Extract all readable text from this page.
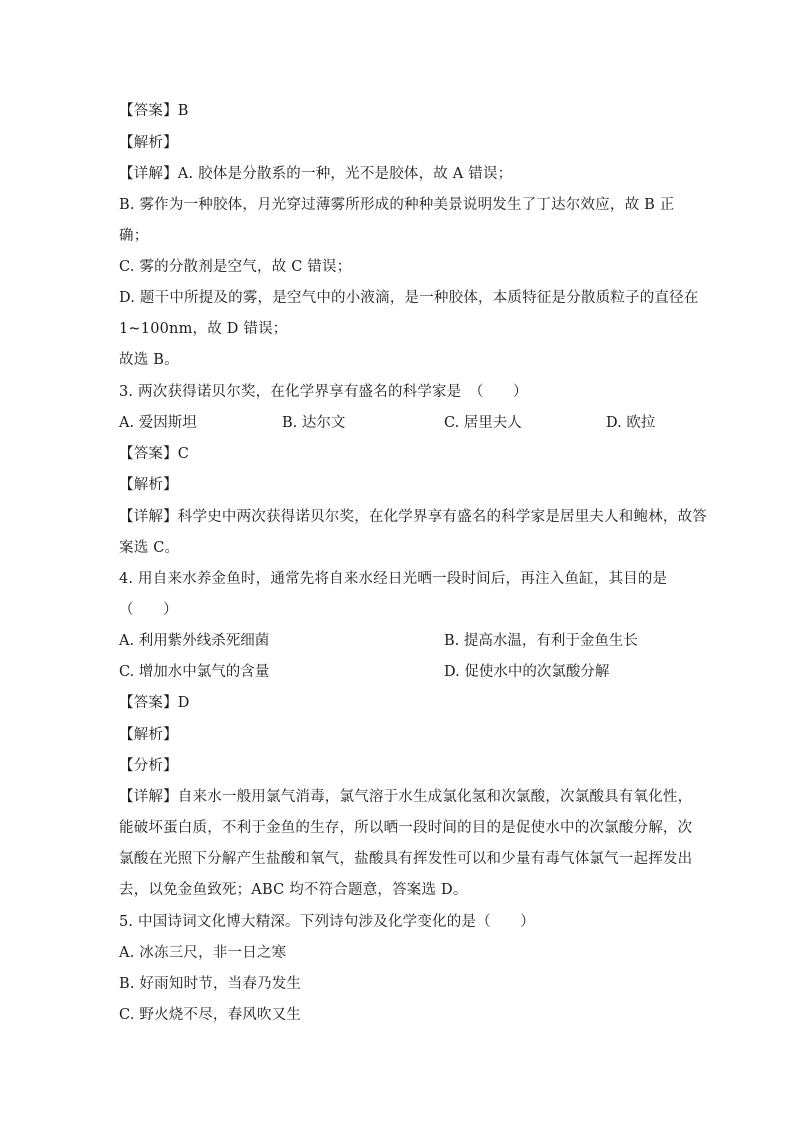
【答案】B
【解析】
【详解】A. 胶体是分散系的一种，光不是胶体，故 A 错误；
B. 雾作为一种胶体，月光穿过薄雾所形成的种种美景说明发生了丁达尔效应，故 B 正
确；
C. 雾的分散剂是空气，故 C 错误；
D. 题干中所提及的雾，是空气中的小液滴，是一种胶体，本质特征是分散质粒子的直径在
1~100nm，故 D 错误；
故选 B。
3. 两次获得诺贝尔奖，在化学界享有盛名的科学家是　（　　）
A. 爱因斯坦	B. 达尔文	C. 居里夫人	D. 欧拉
【答案】C
【解析】
【详解】科学史中两次获得诺贝尔奖，在化学界享有盛名的科学家是居里夫人和鲍林，故答
案选 C。
4. 用自来水养金鱼时，通常先将自来水经日光晒一段时间后，再注入鱼缸，其目的是
（　　）
A. 利用紫外线杀死细菌	B. 提高水温，有利于金鱼生长
C. 增加水中氯气的含量	D. 促使水中的次氯酸分解
【答案】D
【解析】
【分析】
【详解】自来水一般用氯气消毒，氯气溶于水生成氯化氢和次氯酸，次氯酸具有氧化性，
能破坏蛋白质，不利于金鱼的生存，所以晒一段时间的目的是促使水中的次氯酸分解，次
氯酸在光照下分解产生盐酸和氧气，盐酸具有挥发性可以和少量有毒气体氯气一起挥发出
去，以免金鱼致死；ABC 均不符合题意，答案选 D。
5. 中国诗词文化博大精深。下列诗句涉及化学变化的是（　　）
A. 冰冻三尺，非一日之寒
B. 好雨知时节，当春乃发生
C. 野火烧不尽，春风吹又生
